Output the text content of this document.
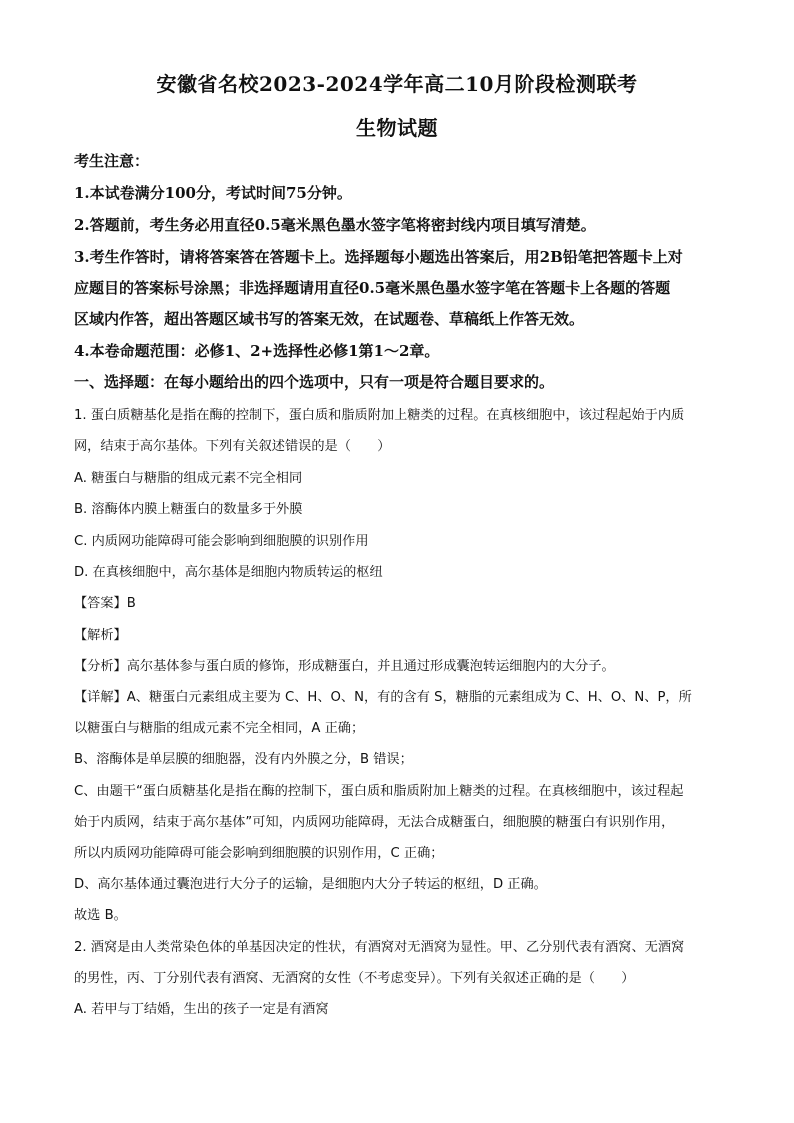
安徽省名校2023-2024学年高二10月阶段检测联考
生物试题
考生注意：
1.本试卷满分100分，考试时间75分钟。
2.答题前，考生务必用直径0.5毫米黑色墨水签字笔将密封线内项目填写清楚。
3.考生作答时，请将答案答在答题卡上。选择题每小题选出答案后，用2B铅笔把答题卡上对
应题目的答案标号涂黑；非选择题请用直径0.5毫米黑色墨水签字笔在答题卡上各题的答题
区域内作答，超出答题区域书写的答案无效，在试题卷、草稿纸上作答无效。
4.本卷命题范围：必修1、2+选择性必修1第1～2章。
一、选择题：在每小题给出的四个选项中，只有一项是符合题目要求的。
1. 蛋白质糖基化是指在酶的控制下，蛋白质和脂质附加上糖类的过程。在真核细胞中，该过程起始于内质
网，结束于高尔基体。下列有关叙述错误的是（　　）
A. 糖蛋白与糖脂的组成元素不完全相同
B. 溶酶体内膜上糖蛋白的数量多于外膜
C. 内质网功能障碍可能会影响到细胞膜的识别作用
D. 在真核细胞中，高尔基体是细胞内物质转运的枢纽
【答案】B
【解析】
【分析】高尔基体参与蛋白质的修饰，形成糖蛋白，并且通过形成囊泡转运细胞内的大分子。
【详解】A、糖蛋白元素组成主要为 C、H、O、N，有的含有 S，糖脂的元素组成为 C、H、O、N、P，所
以糖蛋白与糖脂的组成元素不完全相同，A 正确；
B、溶酶体是单层膜的细胞器，没有内外膜之分，B 错误；
C、由题干“蛋白质糖基化是指在酶的控制下，蛋白质和脂质附加上糖类的过程。在真核细胞中，该过程起
始于内质网，结束于高尔基体”可知，内质网功能障碍，无法合成糖蛋白，细胞膜的糖蛋白有识别作用，
所以内质网功能障碍可能会影响到细胞膜的识别作用，C 正确；
D、高尔基体通过囊泡进行大分子的运输，是细胞内大分子转运的枢纽，D 正确。
故选 B。
2. 酒窝是由人类常染色体的单基因决定的性状，有酒窝对无酒窝为显性。甲、乙分别代表有酒窝、无酒窝
的男性，丙、丁分别代表有酒窝、无酒窝的女性（不考虑变异）。下列有关叙述正确的是（　　）
A. 若甲与丁结婚，生出的孩子一定是有酒窝
